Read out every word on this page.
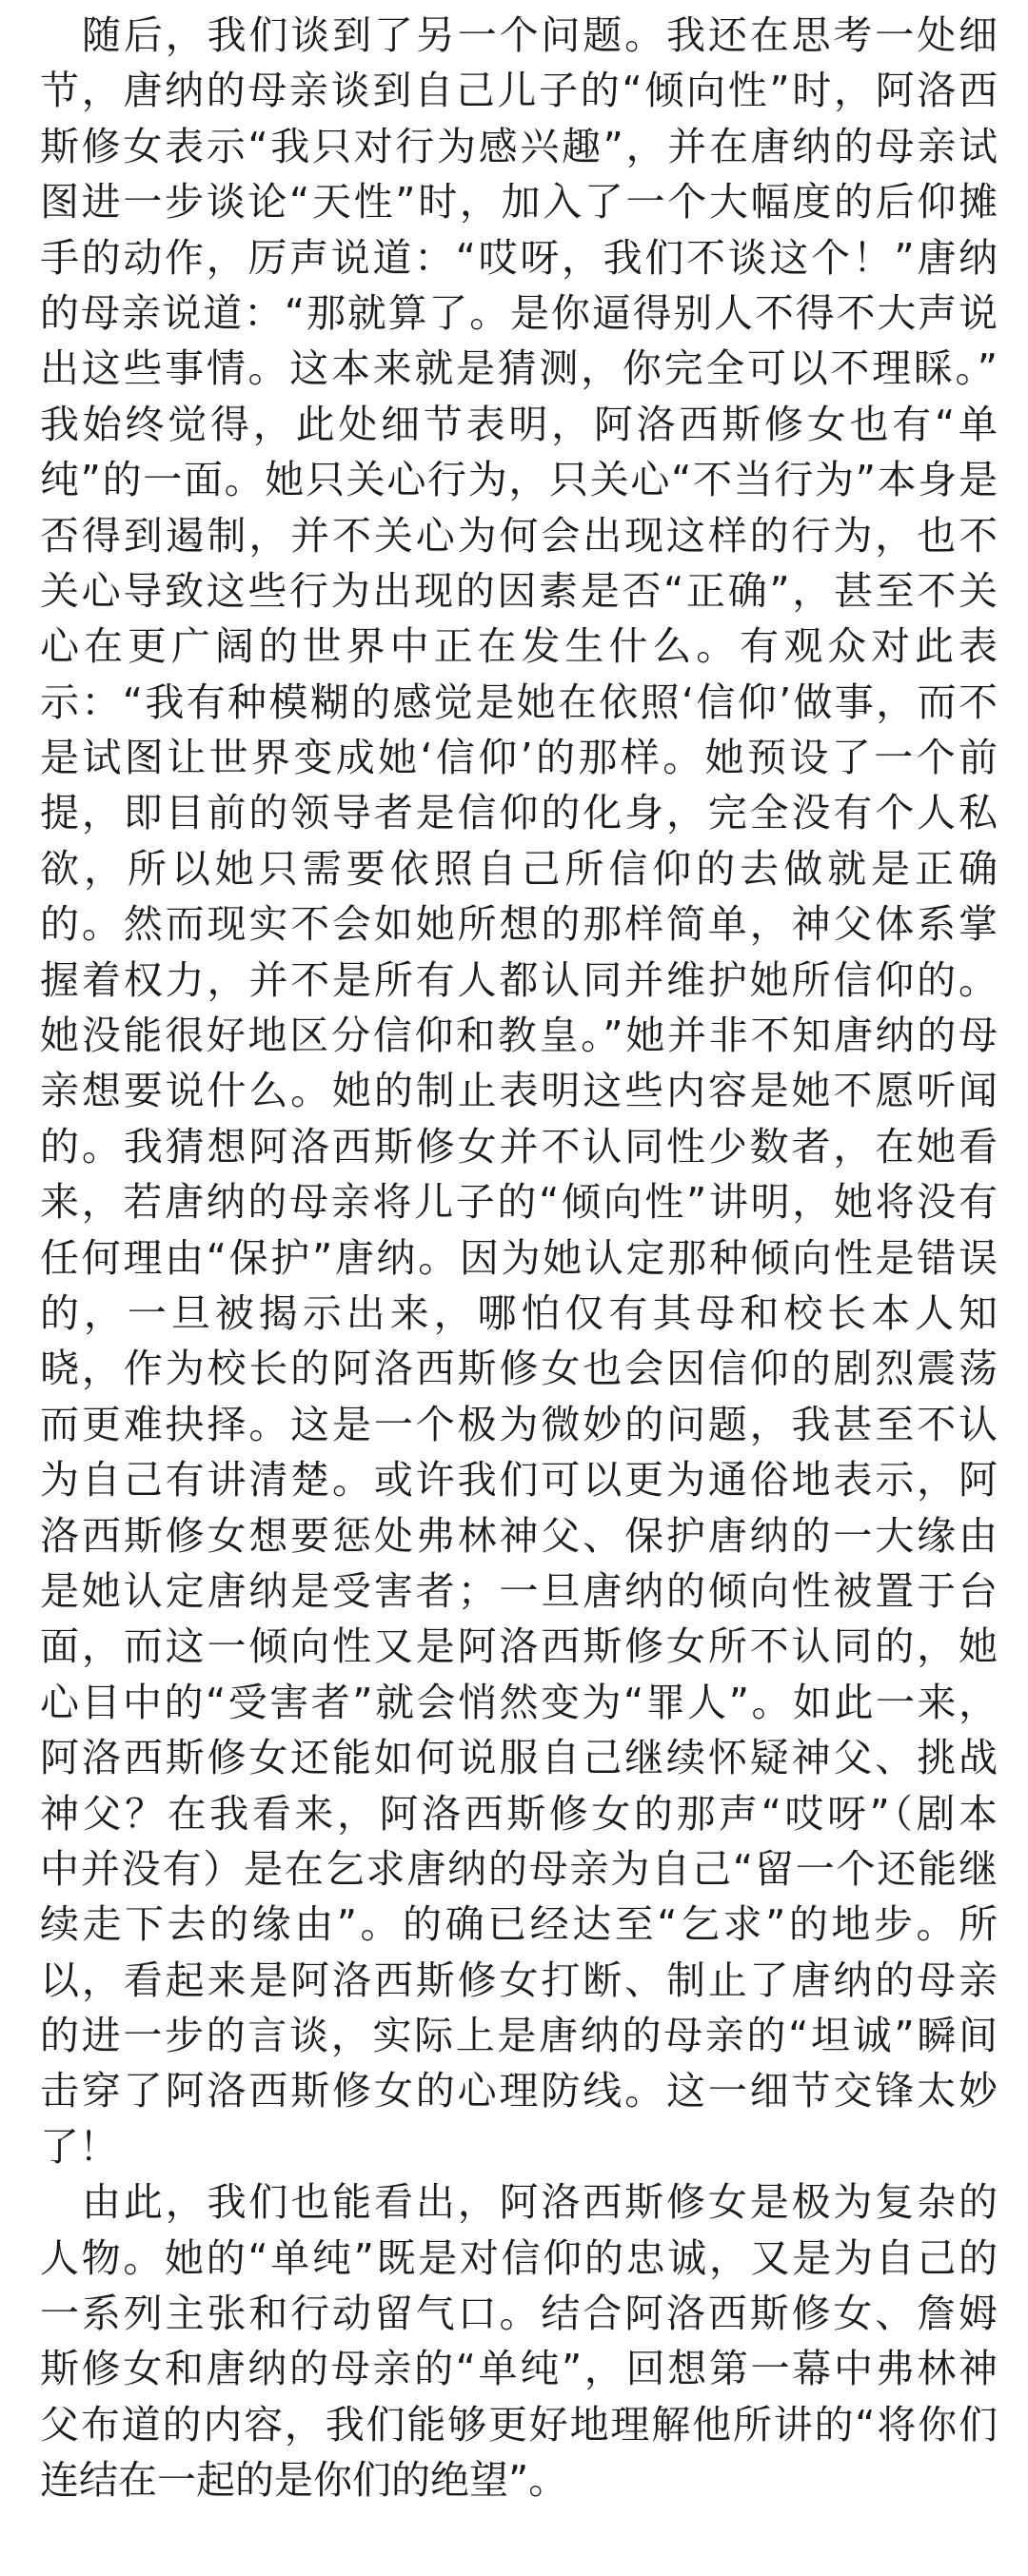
随后，我们谈到了另一个问题。我还在思考一处细
节，唐纳的母亲谈到自己儿子的“倾向性”时，阿洛西
斯修女表示“我只对行为感兴趣”，并在唐纳的母亲试
图进一步谈论“天性”时，加入了一个大幅度的后仰摊
手的动作，厉声说道：“哎呀，我们不谈这个！”唐纳
的母亲说道：“那就算了。是你逼得别人不得不大声说
出这些事情。这本来就是猜测，你完全可以不理睬。”
我始终觉得，此处细节表明，阿洛西斯修女也有“单
纯”的一面。她只关心行为，只关心“不当行为”本身是
否得到遏制，并不关心为何会出现这样的行为，也不
关心导致这些行为出现的因素是否“正确”，甚至不关
心在更广阔的世界中正在发生什么。有观众对此表
示：“我有种模糊的感觉是她在依照‘信仰’做事，而不
是试图让世界变成她‘信仰’的那样。她预设了一个前
提，即目前的领导者是信仰的化身，完全没有个人私
欲，所以她只需要依照自己所信仰的去做就是正确
的。然而现实不会如她所想的那样简单，神父体系掌
握着权力，并不是所有人都认同并维护她所信仰的。
她没能很好地区分信仰和教皇。”她并非不知唐纳的母
亲想要说什么。她的制止表明这些内容是她不愿听闻
的。我猜想阿洛西斯修女并不认同性少数者，在她看
来，若唐纳的母亲将儿子的“倾向性”讲明，她将没有
任何理由“保护”唐纳。因为她认定那种倾向性是错误
的，一旦被揭示出来，哪怕仅有其母和校长本人知
晓，作为校长的阿洛西斯修女也会因信仰的剧烈震荡
而更难抉择。这是一个极为微妙的问题，我甚至不认
为自己有讲清楚。或许我们可以更为通俗地表示，阿
洛西斯修女想要惩处弗林神父、保护唐纳的一大缘由
是她认定唐纳是受害者；一旦唐纳的倾向性被置于台
面，而这一倾向性又是阿洛西斯修女所不认同的，她
心目中的“受害者”就会悄然变为“罪人”。如此一来，
阿洛西斯修女还能如何说服自己继续怀疑神父、挑战
神父？在我看来，阿洛西斯修女的那声“哎呀”（剧本
中并没有）是在乞求唐纳的母亲为自己“留一个还能继
续走下去的缘由”。的确已经达至“乞求”的地步。所
以，看起来是阿洛西斯修女打断、制止了唐纳的母亲
的进一步的言谈，实际上是唐纳的母亲的“坦诚”瞬间
击穿了阿洛西斯修女的心理防线。这一细节交锋太妙
了！
由此，我们也能看出，阿洛西斯修女是极为复杂的
人物。她的“单纯”既是对信仰的忠诚，又是为自己的
一系列主张和行动留气口。结合阿洛西斯修女、詹姆
斯修女和唐纳的母亲的“单纯”，回想第一幕中弗林神
父布道的内容，我们能够更好地理解他所讲的“将你们
连结在一起的是你们的绝望”。
